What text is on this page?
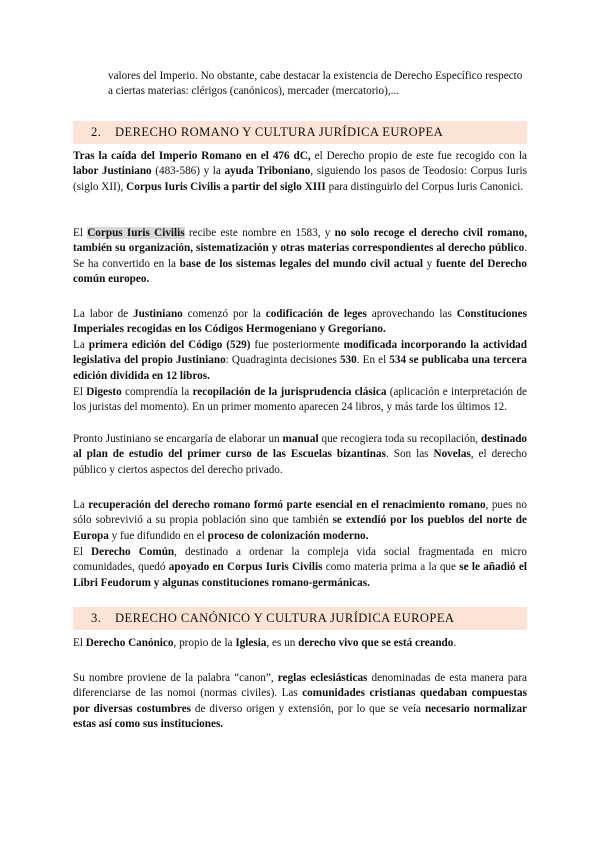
valores del Imperio. No obstante, cabe destacar la existencia de Derecho Específico respecto a ciertas materias: clérigos (canónicos), mercader (mercatorio),...

2. DERECHO ROMANO Y CULTURA JURÍDICA EUROPEA

Tras la caída del Imperio Romano en el 476 dC, el Derecho propio de este fue recogido con la labor Justiniano (483-586) y la ayuda Triboniano, siguiendo los pasos de Teodosio: Corpus Iuris (siglo XII), Corpus Iuris Civilis a partir del siglo XIII para distinguirlo del Corpus Iuris Canonici.

El Corpus Iuris Civilis recibe este nombre en 1583, y no solo recoge el derecho civil romano, también su organización, sistematización y otras materias correspondientes al derecho público. Se ha convertido en la base de los sistemas legales del mundo civil actual y fuente del Derecho común europeo.

La labor de Justiniano comenzó por la codificación de leges aprovechando las Constituciones Imperiales recogidas en los Códigos Hermogeniano y Gregoriano.

La primera edición del Código (529) fue posteriormente modificada incorporando la actividad legislativa del propio Justiniano: Quadraginta decisiones 530. En el 534 se publicaba una tercera edición dividida en 12 libros.

El Digesto comprendía la recopilación de la jurisprudencia clásica (aplicación e interpretación de los juristas del momento). En un primer momento aparecen 24 libros, y más tarde los últimos 12.

Pronto Justiniano se encargaría de elaborar un manual que recogiera toda su recopilación, destinado al plan de estudio del primer curso de las Escuelas bizantinas. Son las Novelas, el derecho público y ciertos aspectos del derecho privado.

La recuperación del derecho romano formó parte esencial en el renacimiento romano, pues no sólo sobrevivió a su propia población sino que también se extendió por los pueblos del norte de Europa y fue difundido en el proceso de colonización moderno.

El Derecho Común, destinado a ordenar la compleja vida social fragmentada en micro comunidades, quedó apoyado en Corpus Iuris Civilis como materia prima a la que se le añadió el Libri Feudorum y algunas constituciones romano-germánicas.

3. DERECHO CANÓNICO Y CULTURA JURÍDICA EUROPEA

El Derecho Canónico, propio de la Iglesia, es un derecho vivo que se está creando.

Su nombre proviene de la palabra “canon”, reglas eclesiásticas denominadas de esta manera para diferenciarse de las nomoi (normas civiles). Las comunidades cristianas quedaban compuestas por diversas costumbres de diverso origen y extensión, por lo que se veía necesario normalizar estas así como sus instituciones.
